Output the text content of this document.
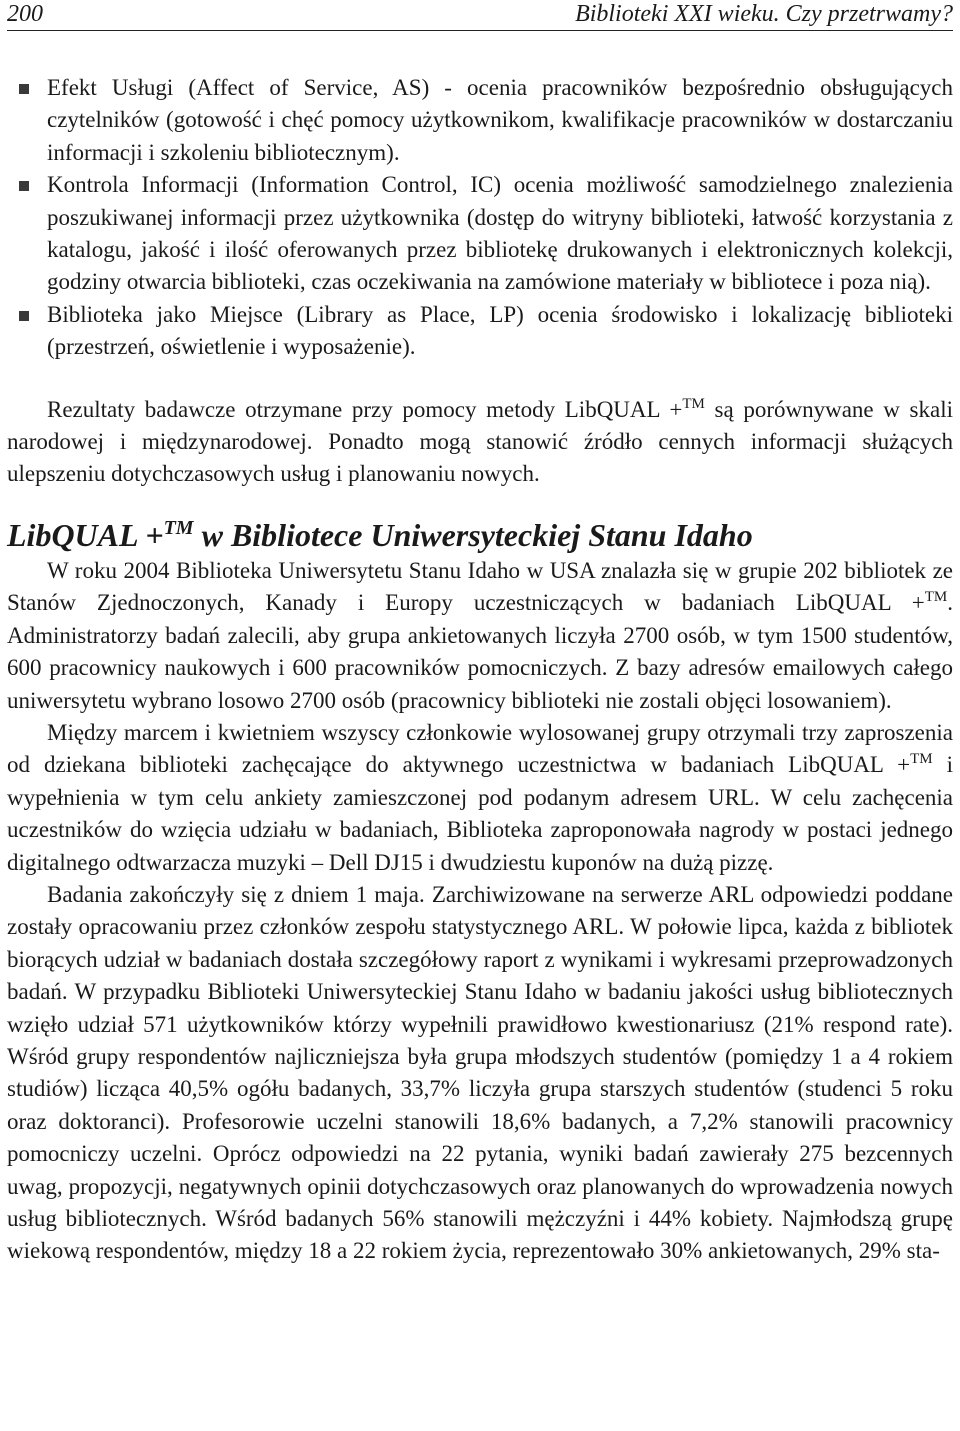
200	Biblioteki XXI wieku. Czy przetrwamy?

Efekt Usługi (Affect of Service, AS) - ocenia pracowników bezpośrednio obsługujących czytelników (gotowość i chęć pomocy użytkownikom, kwalifikacje pracowników w dostarczaniu informacji i szkoleniu bibliotecznym).

Kontrola Informacji (Information Control, IC) ocenia możliwość samodzielnego znalezienia poszukiwanej informacji przez użytkownika (dostęp do witryny biblioteki, łatwość korzystania z katalogu, jakość i ilość oferowanych przez bibliotekę drukowanych i elektronicznych kolekcji, godziny otwarcia biblioteki, czas oczekiwania na zamówione materiały w bibliotece i poza nią).

Biblioteka jako Miejsce (Library as Place, LP) ocenia środowisko i lokalizację biblioteki (przestrzeń, oświetlenie i wyposażenie).

Rezultaty badawcze otrzymane przy pomocy metody LibQUAL +™ są porównywane w skali narodowej i międzynarodowej. Ponadto mogą stanowić źródło cennych informacji służących ulepszeniu dotychczasowych usług i planowaniu nowych.

LibQUAL +™ w Bibliotece Uniwersyteckiej Stanu Idaho

W roku 2004 Biblioteka Uniwersytetu Stanu Idaho w USA znalazła się w grupie 202 bibliotek ze Stanów Zjednoczonych, Kanady i Europy uczestniczących w badaniach LibQUAL +™. Administratorzy badań zalecili, aby grupa ankietowanych liczyła 2700 osób, w tym 1500 studentów, 600 pracownicy naukowych i 600 pracowników pomocniczych. Z bazy adresów emailowych całego uniwersytetu wybrano losowo 2700 osób (pracownicy biblioteki nie zostali objęci losowaniem).

Między marcem i kwietniem wszyscy członkowie wylosowanej grupy otrzymali trzy zaproszenia od dziekana biblioteki zachęcające do aktywnego uczestnictwa w badaniach LibQUAL +™ i wypełnienia w tym celu ankiety zamieszczonej pod podanym adresem URL. W celu zachęcenia uczestników do wzięcia udziału w badaniach, Biblioteka zaproponowała nagrody w postaci jednego digitalnego odtwarzacza muzyki – Dell DJ15 i dwudziestu kuponów na dużą pizzę.

Badania zakończyły się z dniem 1 maja. Zarchiwizowane na serwerze ARL odpowiedzi poddane zostały opracowaniu przez członków zespołu statystycznego ARL. W połowie lipca, każda z bibliotek biorących udział w badaniach dostała szczegółowy raport z wynikami i wykresami przeprowadzonych badań. W przypadku Biblioteki Uniwersyteckiej Stanu Idaho w badaniu jakości usług bibliotecznych wzięło udział 571 użytkowników którzy wypełnili prawidłowo kwestionariusz (21% respond rate). Wśród grupy respondentów najliczniejsza była grupa młodszych studentów (pomiędzy 1 a 4 rokiem studiów) licząca 40,5% ogółu badanych, 33,7% liczyła grupa starszych studentów (studenci 5 roku oraz doktoranci). Profesorowie uczelni stanowili 18,6% badanych, a 7,2% stanowili pracownicy pomocniczy uczelni. Oprócz odpowiedzi na 22 pytania, wyniki badań zawierały 275 bezcennych uwag, propozycji, negatywnych opinii dotychczasowych oraz planowanych do wprowadzenia nowych usług bibliotecznych. Wśród badanych 56% stanowili mężczyźni i 44% kobiety. Najmłodszą grupę wiekową respondentów, między 18 a 22 rokiem życia, reprezentowało 30% ankietowanych, 29% sta-
